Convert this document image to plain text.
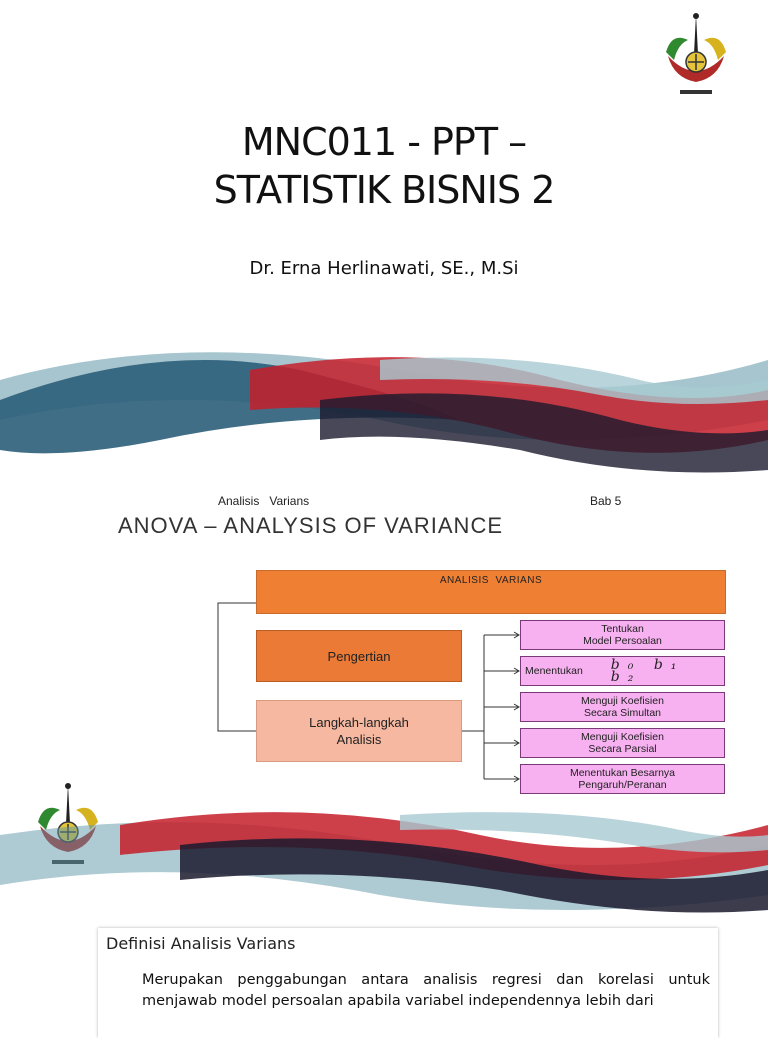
MNC011 - PPT –
STATISTIK BISNIS 2
Dr. Erna Herlinawati, SE., M.Si
Analisis   Varians	Bab 5
ANOVA – ANALYSIS OF VARIANCE
ANALISIS  VARIANS
Pengertian
Langkah-langkah
Analisis
Tentukan
Model Persoalan
Menentukan b₀ b₁ b₂
Menguji Koefisien
Secara Simultan
Menguji Koefisien
Secara Parsial
Menentukan Besarnya
Pengaruh/Peranan
Definisi Analisis Varians
Merupakan penggabungan antara analisis regresi dan korelasi untuk menjawab model persoalan apabila variabel independennya lebih dari
